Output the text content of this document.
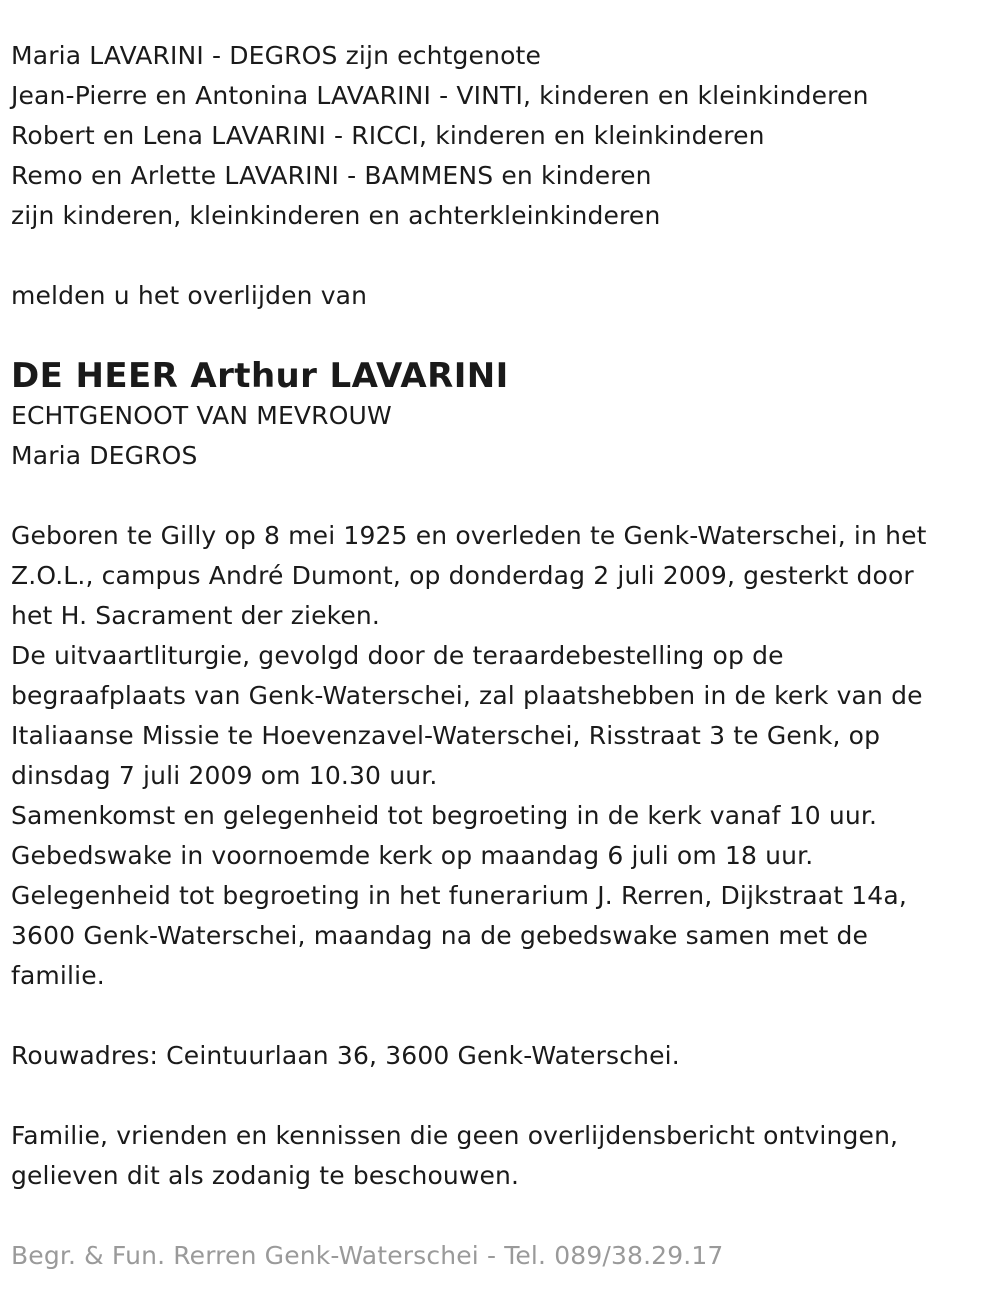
Maria LAVARINI - DEGROS zijn echtgenote
Jean-Pierre en Antonina LAVARINI - VINTI, kinderen en kleinkinderen
Robert en Lena LAVARINI - RICCI, kinderen en kleinkinderen
Remo en Arlette LAVARINI - BAMMENS en kinderen
zijn kinderen, kleinkinderen en achterkleinkinderen
melden u het overlijden van
DE HEER Arthur LAVARINI
ECHTGENOOT VAN MEVROUW
Maria DEGROS
Geboren te Gilly op 8 mei 1925 en overleden te Genk-Waterschei, in het
Z.O.L., campus André Dumont, op donderdag 2 juli 2009, gesterkt door
het H. Sacrament der zieken.
De uitvaartliturgie, gevolgd door de teraardebestelling op de
begraafplaats van Genk-Waterschei, zal plaatshebben in de kerk van de
Italiaanse Missie te Hoevenzavel-Waterschei, Risstraat 3 te Genk, op
dinsdag 7 juli 2009 om 10.30 uur.
Samenkomst en gelegenheid tot begroeting in de kerk vanaf 10 uur.
Gebedswake in voornoemde kerk op maandag 6 juli om 18 uur.
Gelegenheid tot begroeting in het funerarium J. Rerren, Dijkstraat 14a,
3600 Genk-Waterschei, maandag na de gebedswake samen met de
familie.
Rouwadres: Ceintuurlaan 36, 3600 Genk-Waterschei.
Familie, vrienden en kennissen die geen overlijdensbericht ontvingen,
gelieven dit als zodanig te beschouwen.
Begr. & Fun. Rerren Genk-Waterschei - Tel. 089/38.29.17
